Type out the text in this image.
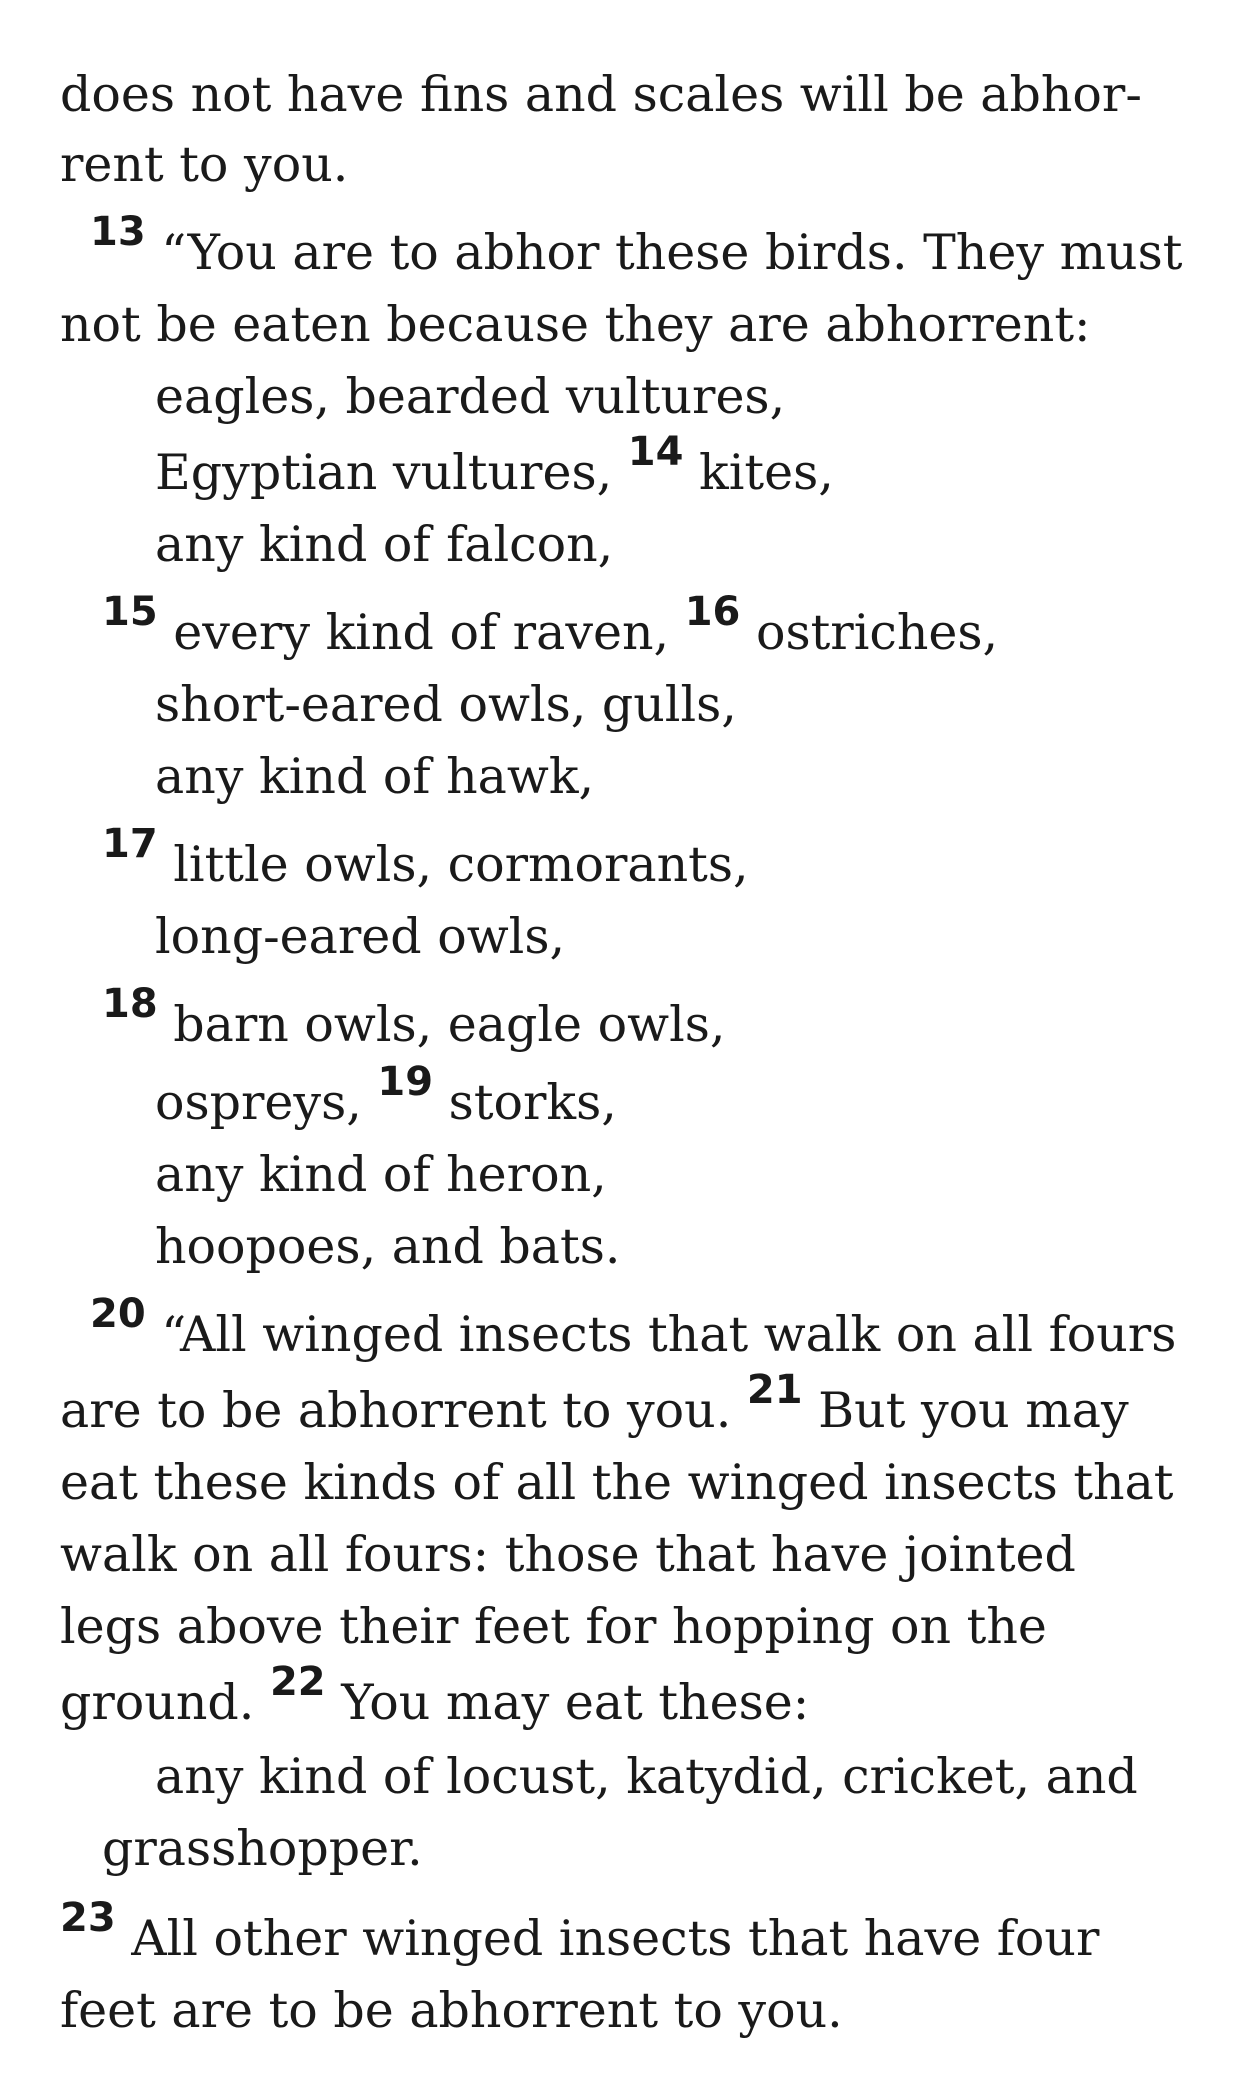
does not have fins and scales will be abhor-
rent to you.
$^{13}$ “You are to abhor these birds. They must
not be eaten because they are abhorrent:
eagles, bearded vultures,
Egyptian vultures, $^{14}$ kites,
any kind of falcon,
$^{15}$ every kind of raven, $^{16}$ ostriches,
short-eared owls, gulls,
any kind of hawk,
$^{17}$ little owls, cormorants,
long-eared owls,
$^{18}$ barn owls, eagle owls,
ospreys, $^{19}$ storks,
any kind of heron,
hoopoes, and bats.
$^{20}$ “All winged insects that walk on all fours
are to be abhorrent to you. $^{21}$ But you may
eat these kinds of all the winged insects that
walk on all fours: those that have jointed
legs above their feet for hopping on the
ground. $^{22}$ You may eat these:
any kind of locust, katydid, cricket, and
grasshopper.
$^{23}$ All other winged insects that have four
feet are to be abhorrent to you.
